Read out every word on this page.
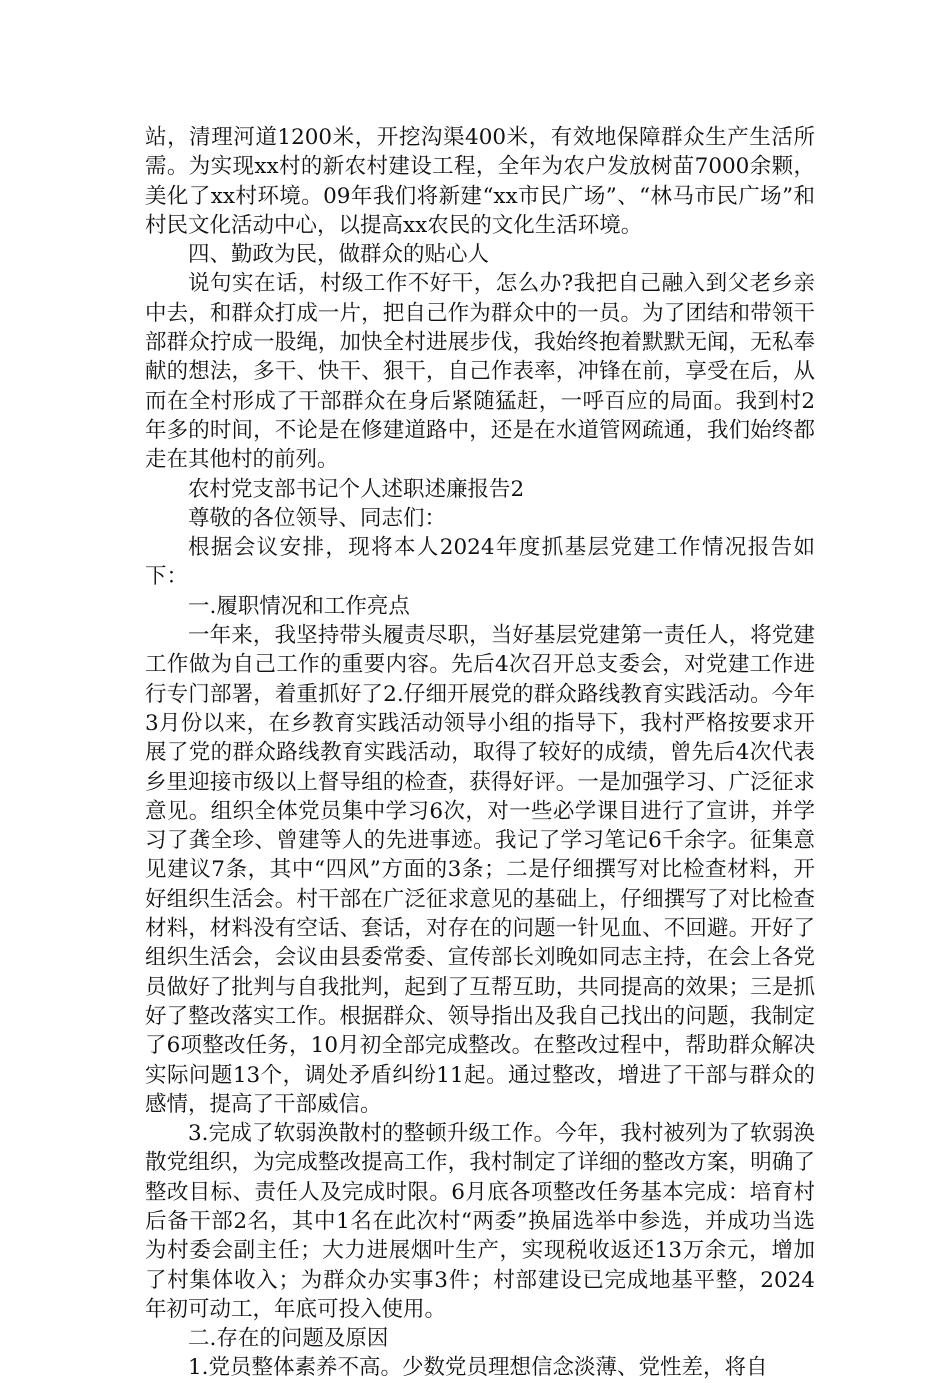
站，清理河道1200米，开挖沟渠400米，有效地保障群众生产生活所需。为实现xx村的新农村建设工程，全年为农户发放树苗7000余颗，美化了xx村环境。09年我们将新建“xx市民广场”、“林马市民广场”和村民文化活动中心，以提高xx农民的文化生活环境。

四、勤政为民，做群众的贴心人

说句实在话，村级工作不好干，怎么办?我把自己融入到父老乡亲中去，和群众打成一片，把自己作为群众中的一员。为了团结和带领干部群众拧成一股绳，加快全村进展步伐，我始终抱着默默无闻，无私奉献的想法，多干、快干、狠干，自己作表率，冲锋在前，享受在后，从而在全村形成了干部群众在身后紧随猛赶，一呼百应的局面。我到村2年多的时间，不论是在修建道路中，还是在水道管网疏通，我们始终都走在其他村的前列。

农村党支部书记个人述职述廉报告2

尊敬的各位领导、同志们：

根据会议安排，现将本人2024年度抓基层党建工作情况报告如下：

一.履职情况和工作亮点

一年来，我坚持带头履责尽职，当好基层党建第一责任人，将党建工作做为自己工作的重要内容。先后4次召开总支委会，对党建工作进行专门部署，着重抓好了2.仔细开展党的群众路线教育实践活动。今年3月份以来，在乡教育实践活动领导小组的指导下，我村严格按要求开展了党的群众路线教育实践活动，取得了较好的成绩，曾先后4次代表乡里迎接市级以上督导组的检查，获得好评。一是加强学习、广泛征求意见。组织全体党员集中学习6次，对一些必学课目进行了宣讲，并学习了龚全珍、曾建等人的先进事迹。我记了学习笔记6千余字。征集意见建议7条，其中“四风”方面的3条；二是仔细撰写对比检查材料，开好组织生活会。村干部在广泛征求意见的基础上，仔细撰写了对比检查材料，材料没有空话、套话，对存在的问题一针见血、不回避。开好了组织生活会，会议由县委常委、宣传部长刘晚如同志主持，在会上各党员做好了批判与自我批判，起到了互帮互助，共同提高的效果；三是抓好了整改落实工作。根据群众、领导指出及我自己找出的问题，我制定了6项整改任务，10月初全部完成整改。在整改过程中，帮助群众解决实际问题13个，调处矛盾纠纷11起。通过整改，增进了干部与群众的感情，提高了干部威信。

3.完成了软弱涣散村的整顿升级工作。今年，我村被列为了软弱涣散党组织，为完成整改提高工作，我村制定了详细的整改方案，明确了整改目标、责任人及完成时限。6月底各项整改任务基本完成：培育村后备干部2名，其中1名在此次村“两委”换届选举中参选，并成功当选为村委会副主任；大力进展烟叶生产，实现税收返还13万余元，增加了村集体收入；为群众办实事3件；村部建设已完成地基平整，2024年初可动工，年底可投入使用。

二.存在的问题及原因

1.党员整体素养不高。少数党员理想信念淡薄、党性差，将自
